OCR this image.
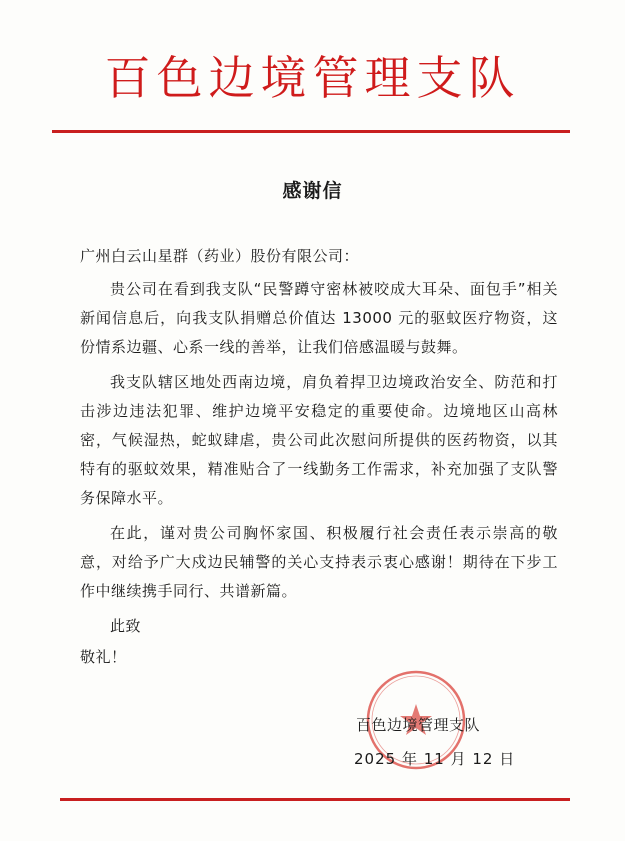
百色边境管理支队
感谢信

广州白云山星群（药业）股份有限公司：

贵公司在看到我支队“民警蹲守密林被咬成大耳朵、面包手”相关新闻信息后，向我支队捐赠总价值达 13000 元的驱蚊医疗物资，这份情系边疆、心系一线的善举，让我们倍感温暖与鼓舞。

我支队辖区地处西南边境，肩负着捍卫边境政治安全、防范和打击涉边违法犯罪、维护边境平安稳定的重要使命。边境地区山高林密，气候湿热，蛇蚁肆虐，贵公司此次慰问所提供的医药物资，以其特有的驱蚊效果，精准贴合了一线勤务工作需求，补充加强了支队警务保障水平。

在此，谨对贵公司胸怀家国、积极履行社会责任表示崇高的敬意，对给予广大戍边民辅警的关心支持表示衷心感谢！期待在下步工作中继续携手同行、共谱新篇。

此致

敬礼！

百色边境管理支队
2025 年 11 月 12 日
